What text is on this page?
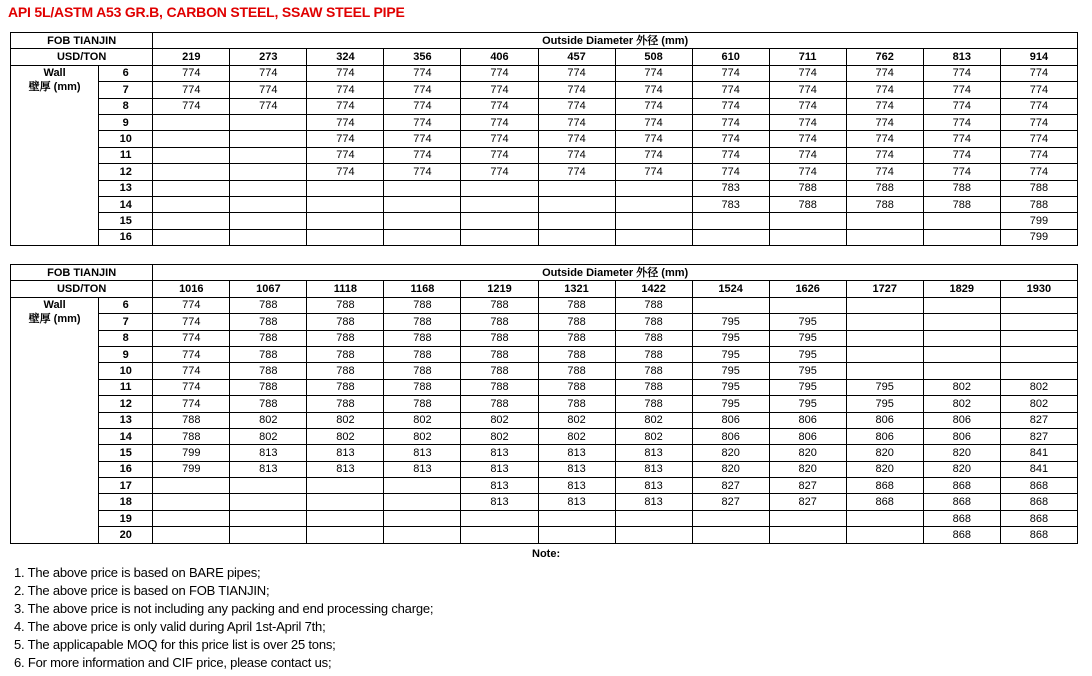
API 5L/ASTM A53 GR.B, CARBON STEEL, SSAW STEEL PIPE
FOB TIANJIN		Outside Diameter 外径 (mm)											
USD/TON		219	273	324	356	406	457	508	610	711	762	813	914

Wall
壁厚 (mm)	6	774	774	774	774	774	774	774	774	774	774	774	774
	7	774	774	774	774	774	774	774	774	774	774	774	774
	8	774	774	774	774	774	774	774	774	774	774	774	774
	9			774	774	774	774	774	774	774	774	774	774
	10			774	774	774	774	774	774	774	774	774	774
	11			774	774	774	774	774	774	774	774	774	774
	12			774	774	774	774	774	774	774	774	774	774
	13								783	788	788	788	788
	14								783	788	788	788	788
	15												799
	16												799
FOB TIANJIN		Outside Diameter 外径 (mm)											
USD/TON		1016	1067	1118	1168	1219	1321	1422	1524	1626	1727	1829	1930

Wall
壁厚 (mm)	6	774	788	788	788	788	788	788					
	7	774	788	788	788	788	788	788	795	795			
	8	774	788	788	788	788	788	788	795	795			
	9	774	788	788	788	788	788	788	795	795			
	10	774	788	788	788	788	788	788	795	795			
	11	774	788	788	788	788	788	788	795	795	795	802	802
	12	774	788	788	788	788	788	788	795	795	795	802	802
	13	788	802	802	802	802	802	802	806	806	806	806	827
	14	788	802	802	802	802	802	802	806	806	806	806	827
	15	799	813	813	813	813	813	813	820	820	820	820	841
	16	799	813	813	813	813	813	813	820	820	820	820	841
	17					813	813	813	827	827	868	868	868
	18					813	813	813	827	827	868	868	868
	19											868	868
	20											868	868
Note:
1. The above price is based on BARE pipes;
2. The above price is based on FOB TIANJIN;
3. The above price is not including any packing and end processing charge;
4. The above price is only valid during April 1st-April 7th;
5. The applicapable MOQ for this price list is over 25 tons;
6. For more information and CIF price, please contact us;
